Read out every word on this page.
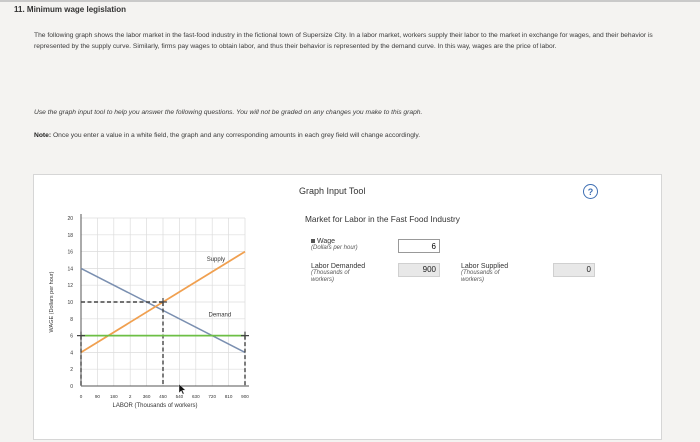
11. Minimum wage legislation
The following graph shows the labor market in the fast-food industry in the fictional town of Supersize City. In a labor market, workers supply their labor to the market in exchange for wages, and their behavior is represented by the supply curve. Similarly, firms pay wages to obtain labor, and thus their behavior is represented by the demand curve. In this way, wages are the price of labor.
Use the graph input tool to help you answer the following questions. You will not be graded on any changes you make to this graph.
Note: Once you enter a value in a white field, the graph and any corresponding amounts in each grey field will change accordingly.
0
2
4
6
8
10
12
14
16
18
20
0	90 180 2 360 450 540 630 720 810 900
LABOR (Thousands of workers)
WAGE (Dollars per hour)
Supply
Demand
Graph Input Tool	?
Market for Labor in the Fast Food Industry
Wage
(Dollars per hour)
6
Labor Demanded
(Thousands of
workers)
900	Labor Supplied
(Thousands of
workers)
0
